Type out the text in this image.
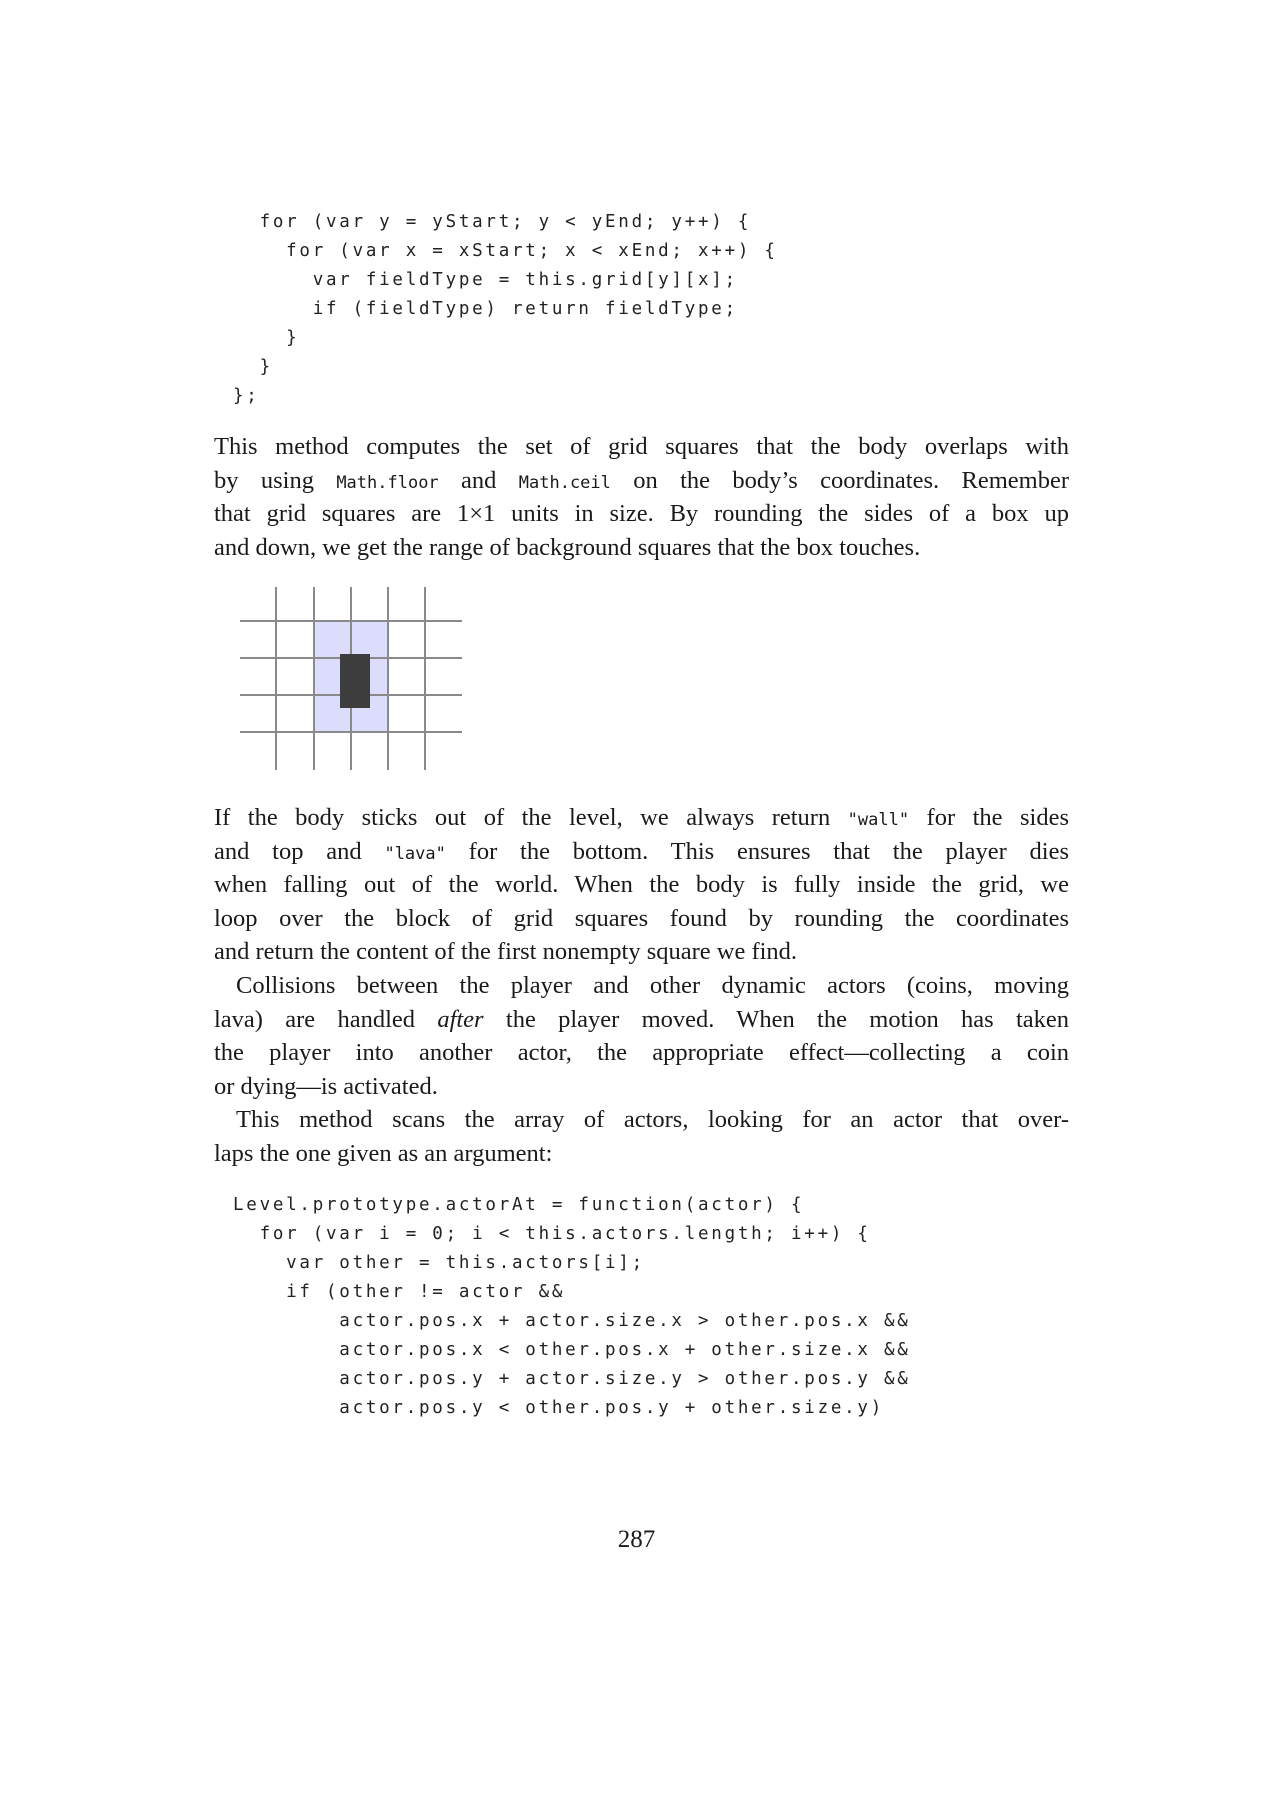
for (var y = yStart; y < yEnd; y++) {
for (var x = xStart; x < xEnd; x++) {
var fieldType = this.grid[y][x];
if (fieldType) return fieldType;
}
}
};
This method computes the set of grid squares that the body overlaps with
by using Math.floor and Math.ceil on the body’s coordinates. Remember
that grid squares are 1×1 units in size. By rounding the sides of a box up
and down, we get the range of background squares that the box touches.
If the body sticks out of the level, we always return "wall" for the sides
and top and "lava" for the bottom. This ensures that the player dies
when falling out of the world. When the body is fully inside the grid, we
loop over the block of grid squares found by rounding the coordinates
and return the content of the first nonempty square we find.
Collisions between the player and other dynamic actors (coins, moving
lava) are handled after the player moved. When the motion has taken
the player into another actor, the appropriate effect—collecting a coin
or dying—is activated.
This method scans the array of actors, looking for an actor that over-
laps the one given as an argument:
Level.prototype.actorAt = function(actor) {
for (var i = 0; i < this.actors.length; i++) {
var other = this.actors[i];
if (other != actor &&
actor.pos.x + actor.size.x > other.pos.x &&
actor.pos.x < other.pos.x + other.size.x &&
actor.pos.y + actor.size.y > other.pos.y &&
actor.pos.y < other.pos.y + other.size.y)
287
